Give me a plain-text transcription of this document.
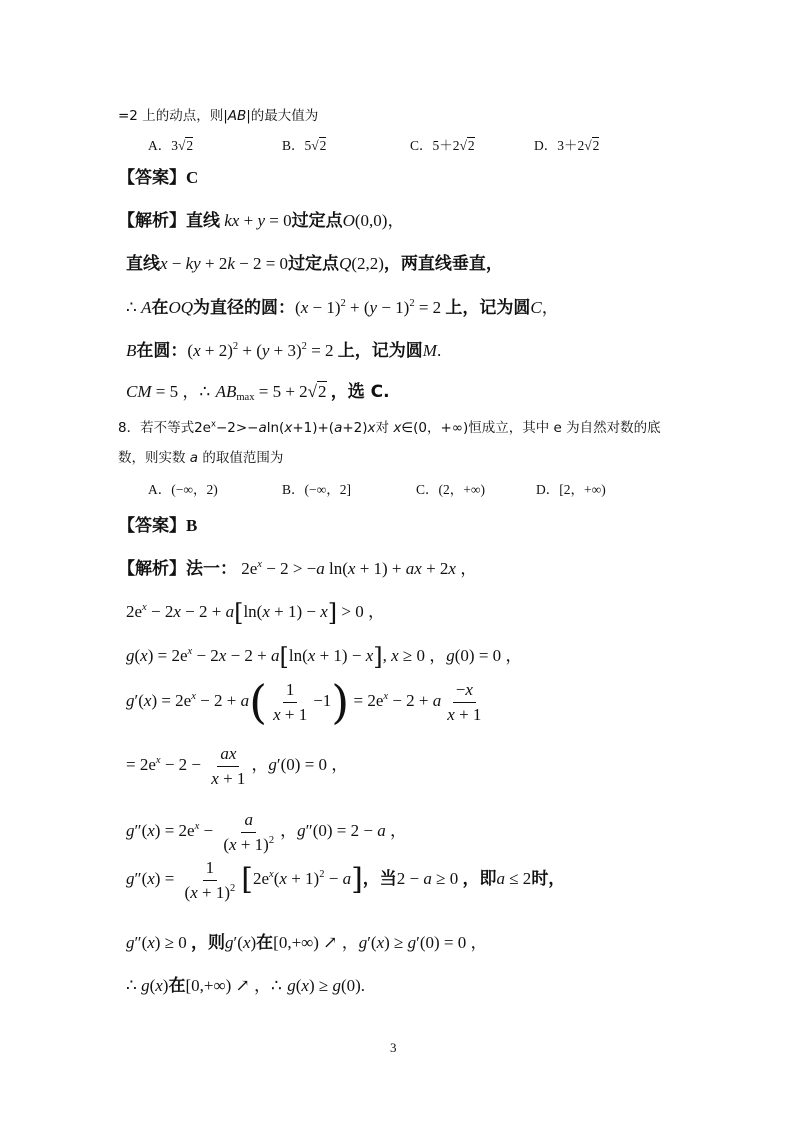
=2 上的动点，则|AB|的最大值为
A．3√2	B．5√2	C．5＋2√2	D．3＋2√2
【答案】C
【解析】直线 kx + y = 0过定点O(0,0)，
直线x − ky + 2k − 2 = 0过定点Q(2,2)，两直线垂直，
∴ A在OQ为直径的圆：$(x - 1)^2 + (y - 1)^2 = 2$ 上，记为圆C，
B在圆：$(x + 2)^2 + (y + 3)^2 = 2$ 上，记为圆M.
CM = 5 ，∴ $AB_{max} = 5 + 2√2$ ，选 C.
8．若不等式$2e^x-2>-aln(x+1)+(a+2)x$对 x∈(0，+∞)恒成立，其中 e 为自然对数的底
数，则实数 a 的取值范围为
A．(−∞，2)	B．(−∞，2]	C．(2，+∞)	D．[2，+∞)
【答案】B
【解析】法一： $2e^x - 2 > -a$ ln(x + 1) + ax + 2x ，
$2e^x - 2x - 2 + a[\ln(x + 1) - x] > 0$ ，
$g(x) = 2e^x - 2x - 2 + a[\ln(x + 1) - x]$, x ≥ 0 ，g(0) = 0 ，
$g'(x) = 2e^x - 2 + a( \frac{1}{x + 1} -1) = 2e^x - 2 + a \frac{-x}{x + 1}$
= $2e^x - 2 - \frac{ax}{x + 1}$ ，g′(0) = 0 ，
$g''(x) = 2e^x - \frac{a}{(x + 1)^2}$ ，g″(0) = 2 − a ，
$g''(x) = \frac{1}{(x + 1)^2} [2e^x(x + 1)^2 - a]$，当2 − a ≥ 0 ，即a ≤ 2时，
g″(x) ≥ 0 ，则g′(x)在[0,+∞) ↗ ，g′(x) ≥ g′(0) = 0 ，
∴ g(x)在[0,+∞) ↗ ，∴ g(x) ≥ g(0).
3
